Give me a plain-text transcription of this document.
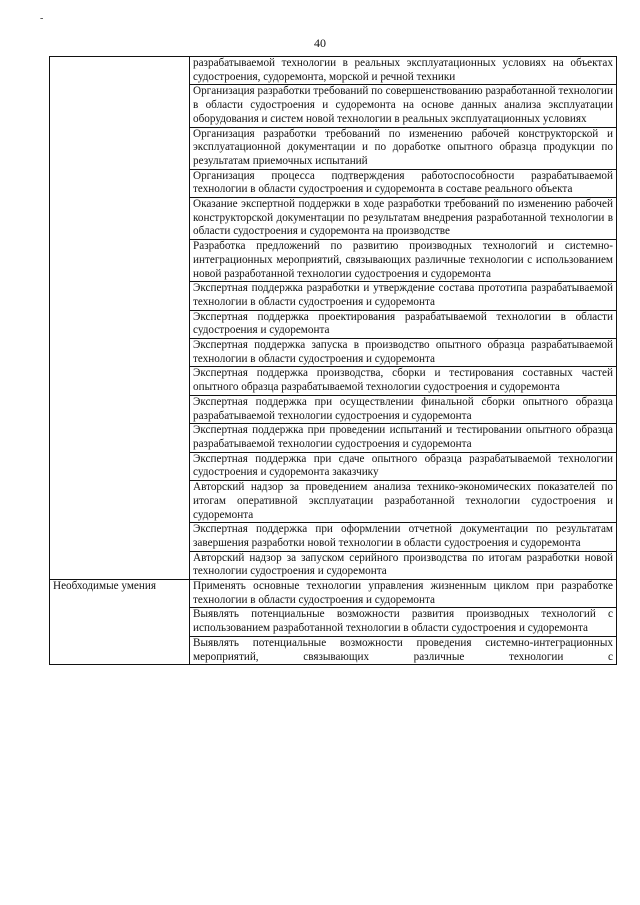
-
40
	разрабатываемой технологии в реальных эксплуатационных условиях на объектах судостроения, судоремонта, морской и речной техники
	Организация разработки требований по совершенствованию разработанной технологии в области судостроения и судоремонта на основе данных анализа эксплуатации оборудования и систем новой технологии в реальных эксплуатационных условиях
	Организация разработки требований по изменению рабочей конструкторской и эксплуатационной документации и по доработке опытного образца продукции по результатам приемочных испытаний
	Организация процесса подтверждения работоспособности разрабатываемой технологии в области судостроения и судоремонта в составе реального объекта
	Оказание экспертной поддержки в ходе разработки требований по изменению рабочей конструкторской документации по результатам внедрения разработанной технологии в области судостроения и судоремонта на производстве
	Разработка предложений по развитию производных технологий и системно-интеграционных мероприятий, связывающих различные технологии с использованием новой разработанной технологии судостроения и судоремонта
	Экспертная поддержка разработки и утверждение состава прототипа разрабатываемой технологии в области судостроения и судоремонта
	Экспертная поддержка проектирования разрабатываемой технологии в области судостроения и судоремонта
	Экспертная поддержка запуска в производство опытного образца разрабатываемой технологии в области судостроения и судоремонта
	Экспертная поддержка производства, сборки и тестирования составных частей опытного образца разрабатываемой технологии судостроения и судоремонта
	Экспертная поддержка при осуществлении финальной сборки опытного образца разрабатываемой технологии судостроения и судоремонта
	Экспертная поддержка при проведении испытаний и тестировании опытного образца разрабатываемой технологии судостроения и судоремонта
	Экспертная поддержка при сдаче опытного образца разрабатываемой технологии судостроения и судоремонта заказчику
	Авторский надзор за проведением анализа технико-экономических показателей по итогам оперативной эксплуатации разработанной технологии судостроения и судоремонта
	Экспертная поддержка при оформлении отчетной документации по результатам завершения разработки новой технологии в области судостроения и судоремонта
	Авторский надзор за запуском серийного производства по итогам разработки новой технологии судостроения и судоремонта
Необходимые умения	Применять основные технологии управления жизненным циклом при разработке технологии в области судостроения и судоремонта
	Выявлять потенциальные возможности развития производных технологий с использованием разработанной технологии в области судостроения и судоремонта
	Выявлять потенциальные возможности проведения системно-интеграционных мероприятий, связывающих различные технологии с
